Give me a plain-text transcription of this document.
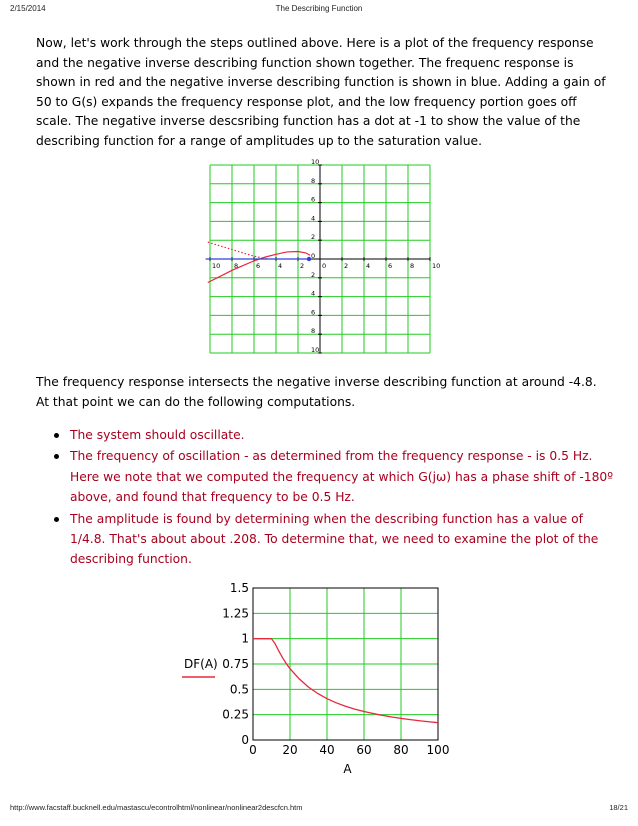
2/15/2014	The Describing Function
Now, let's work through the steps outlined above. Here is a plot of the frequency response and the negative inverse describing function shown together. The frequenc response is shown in red and the negative inverse describing function is shown in blue. Adding a gain of 50 to G(s) expands the frequency response plot, and the low frequency portion goes off scale. The negative inverse descsribing function has a dot at -1 to show the value of the describing function for a range of amplitudes up to the saturation value.
10 8	6	4	2	0	2	4	6	8	10
10
8
6
4
2
0
2
4
6
8
10
The frequency response intersects the negative inverse describing function at around -4.8. At that point we can do the following computations.
The system should oscillate.
The frequency of oscillation - as determined from the frequency response - is 0.5 Hz. Here we note that we computed the frequency at which G(jω) has a phase shift of -180º above, and found that frequency to be 0.5 Hz.
The amplitude is found by determining when the describing function has a value of 1/4.8. That's about about .208. To determine that, we need to examine the plot of the describing function.
0 20 40 60 80 100
0
0.25
0.5
0.75
1
1.25
1.5
DF(A)
A
http://www.facstaff.bucknell.edu/mastascu/econtrolhtml/nonlinear/nonlinear2descfcn.htm	18/21
